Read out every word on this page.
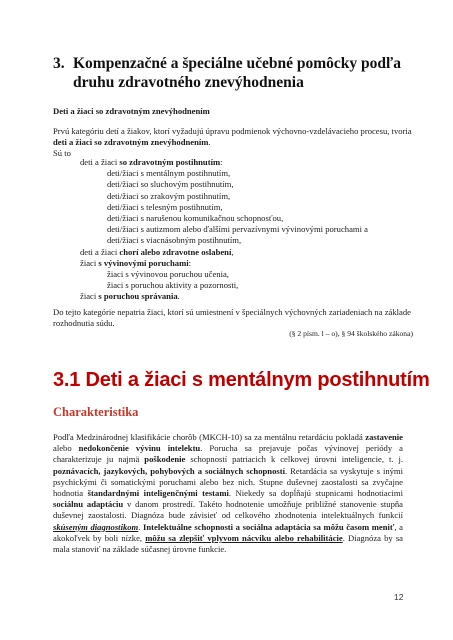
3. Kompenzačné a špeciálne učebné pomôcky podľa
druhu zdravotného znevýhodnenia
Deti a žiaci so zdravotným znevýhodnením
Prvú kategóriu detí a žiakov, ktorí vyžadujú úpravu podmienok výchovno-vzdelávacieho procesu, tvoria deti a žiaci so zdravotným znevýhodnením.
Sú to
deti a žiaci so zdravotným postihnutím:
deti/žiaci s mentálnym postihnutím,
deti/žiaci so sluchovým postihnutím,
deti/žiaci so zrakovým postihnutím,
deti/žiaci s telesným postihnutím,
deti/žiaci s narušenou komunikačnou schopnosťou,
deti/žiaci s autizmom alebo ďalšími pervazívnymi vývinovými poruchami a
deti/žiaci s viacnásobným postihnutím,
deti a žiaci chorí alebo zdravotne oslabení,
žiaci s vývinovými poruchami:
žiaci s vývinovou poruchou učenia,
žiaci s poruchou aktivity a pozornosti,
žiaci s poruchou správania.
Do tejto kategórie nepatria žiaci, ktorí sú umiestnení v špeciálnych výchovných zariadeniach na základe rozhodnutia súdu.
(§ 2 písm. l – o), § 94 školského zákona)
3.1 Deti a žiaci s mentálnym postihnutím
Charakteristika
Podľa Medzinárodnej klasifikácie chorôb (MKCH-10) sa za mentálnu retardáciu pokladá zastavenie alebo nedokončenie vývinu intelektu. Porucha sa prejavuje počas vývinovej periódy a charakterizuje ju najmä poškodenie schopností patriacich k celkovej úrovni inteligencie, t. j. poznávacích, jazykových, pohybových a sociálnych schopností. Retardácia sa vyskytuje s inými psychickými či somatickými poruchami alebo bez nich. Stupne duševnej zaostalosti sa zvyčajne hodnotia štandardnými inteligenčnými testami. Niekedy sa dopĺňajú stupnicami hodnotiacimi sociálnu adaptáciu v danom prostredí. Takéto hodnotenie umožňuje približné stanovenie stupňa duševnej zaostalosti. Diagnóza bude závisieť od celkového zhodnotenia intelektuálnych funkcií skúseným diagnostikom. Intelektuálne schopnosti a sociálna adaptácia sa môžu časom meniť, a akokoľvek by boli nízke, môžu sa zlepšiť vplyvom nácviku alebo rehabilitácie. Diagnóza by sa mala stanoviť na základe súčasnej úrovne funkcie.
12
